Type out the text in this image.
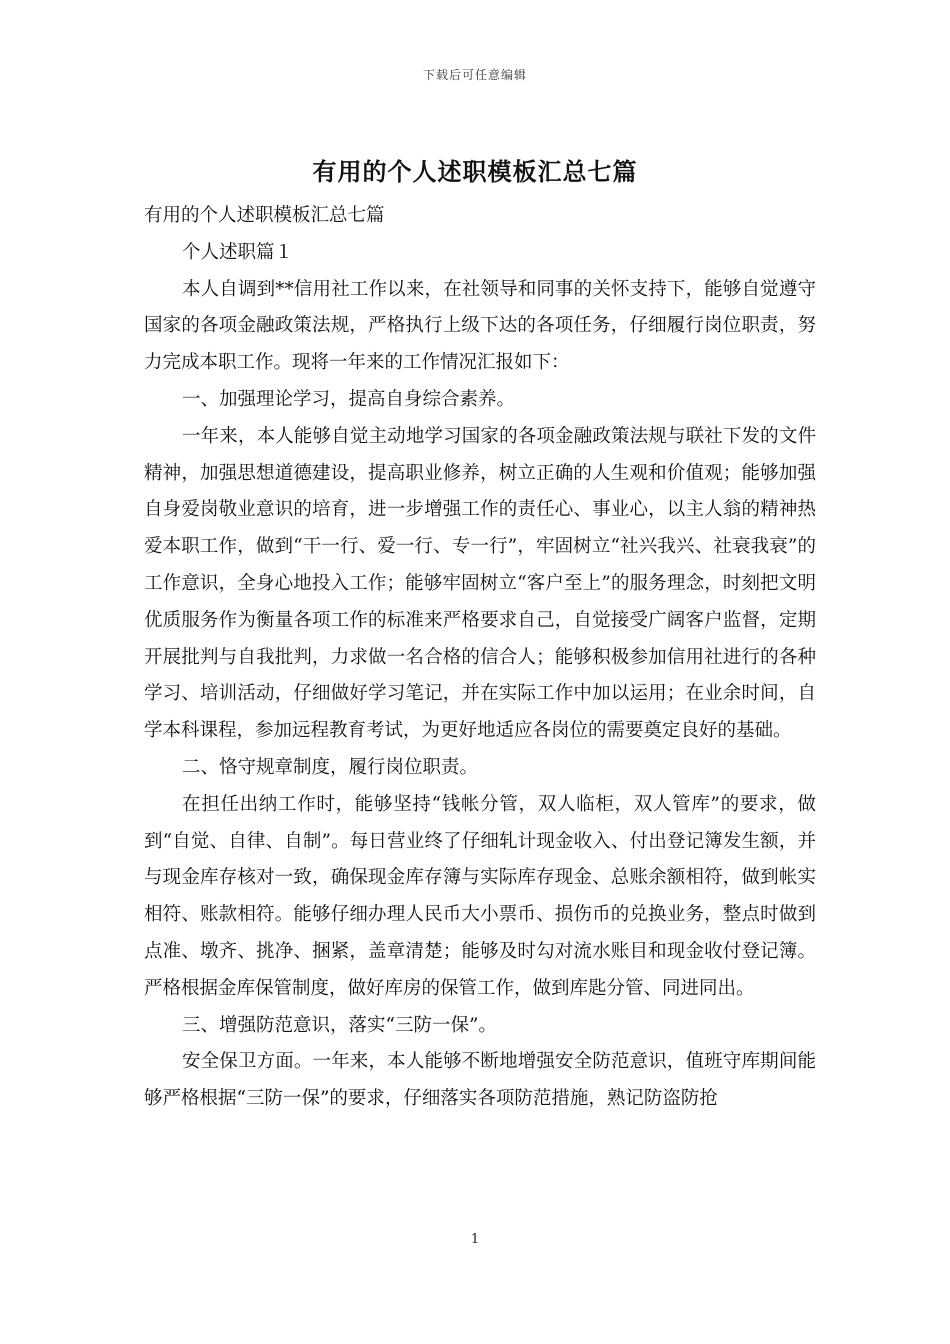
下载后可任意编辑
有用的个人述职模板汇总七篇

有用的个人述职模板汇总七篇

个人述职篇１

本人自调到**信用社工作以来，在社领导和同事的关怀支持下，能够自觉遵守国家的各项金融政策法规，严格执行上级下达的各项任务，仔细履行岗位职责，努力完成本职工作。现将一年来的工作情况汇报如下：

一、加强理论学习，提高自身综合素养。

一年来，本人能够自觉主动地学习国家的各项金融政策法规与联社下发的文件精神，加强思想道德建设，提高职业修养，树立正确的人生观和价值观；能够加强自身爱岗敬业意识的培育，进一步增强工作的责任心、事业心，以主人翁的精神热爱本职工作，做到“干一行、爱一行、专一行”，牢固树立“社兴我兴、社衰我衰”的工作意识，全身心地投入工作；能够牢固树立“客户至上”的服务理念，时刻把文明优质服务作为衡量各项工作的标准来严格要求自己，自觉接受广阔客户监督，定期开展批判与自我批判，力求做一名合格的信合人；能够积极参加信用社进行的各种学习、培训活动，仔细做好学习笔记，并在实际工作中加以运用；在业余时间，自学本科课程，参加远程教育考试，为更好地适应各岗位的需要奠定良好的基础。

二、恪守规章制度，履行岗位职责。

在担任出纳工作时，能够坚持“钱帐分管，双人临柜，双人管库”的要求，做到“自觉、自律、自制”。每日营业终了仔细轧计现金收入、付出登记簿发生额，并与现金库存核对一致，确保现金库存簿与实际库存现金、总账余额相符，做到帐实相符、账款相符。能够仔细办理人民币大小票币、损伤币的兑换业务，整点时做到点准、墩齐、挑净、捆紧，盖章清楚；能够及时勾对流水账目和现金收付登记簿。严格根据金库保管制度，做好库房的保管工作，做到库匙分管、同进同出。

三、增强防范意识，落实“三防一保”。

安全保卫方面。一年来，本人能够不断地增强安全防范意识，值班守库期间能够严格根据“三防一保”的要求，仔细落实各项防范措施，熟记防盗防抢

1
